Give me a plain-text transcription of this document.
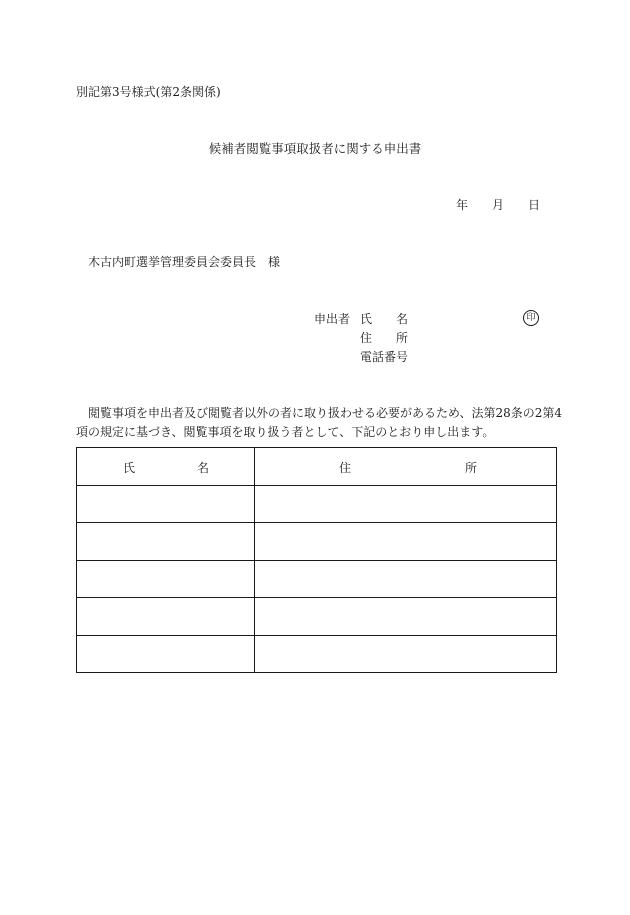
別記第3号様式(第2条関係)
候補者閲覧事項取扱者に関する申出書
年 月 日
木古内町選挙管理委員会委員長　様
申出者 氏　　名	印
住　　所
電話番号
閲覧事項を申出者及び閲覧者以外の者に取り扱わせる必要があるため、法第28条の2第4
項の規定に基づき、閲覧事項を取り扱う者として、下記のとおり申し出ます。
氏 名	住 所
